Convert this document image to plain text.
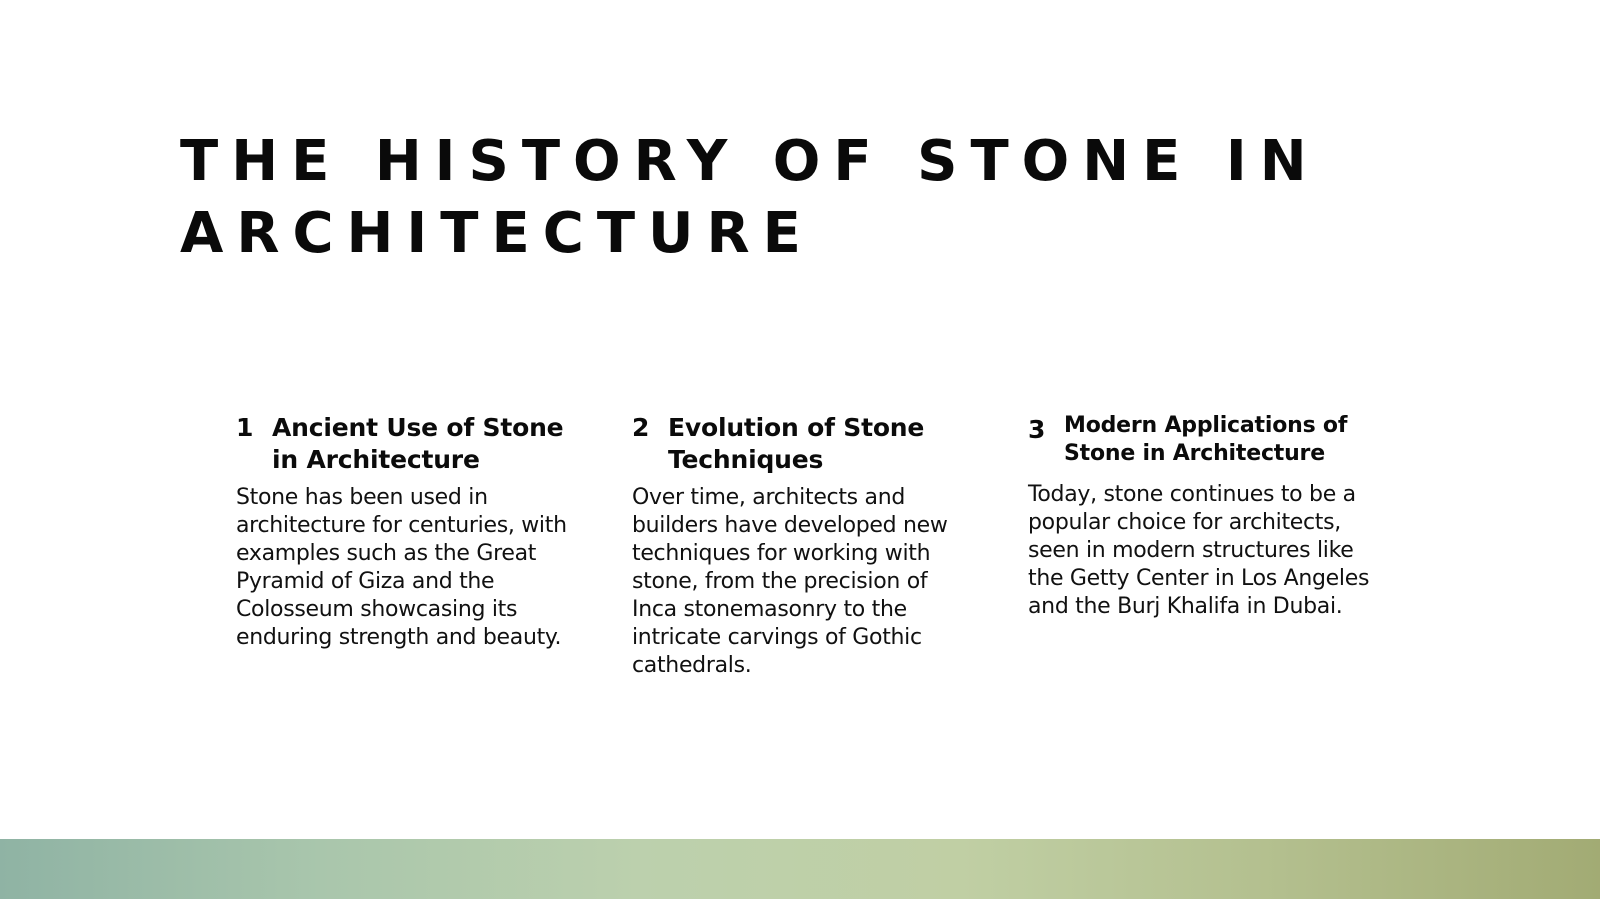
THE HISTORY OF STONE IN ARCHITECTURE
1 Ancient Use of Stone in Architecture

Stone has been used in architecture for centuries, with examples such as the Great Pyramid of Giza and the Colosseum showcasing its enduring strength and beauty.

2 Evolution of Stone Techniques

Over time, architects and builders have developed new techniques for working with stone, from the precision of Inca stonemasonry to the intricate carvings of Gothic cathedrals.

3 Modern Applications of Stone in Architecture

Today, stone continues to be a popular choice for architects, seen in modern structures like the Getty Center in Los Angeles and the Burj Khalifa in Dubai.
